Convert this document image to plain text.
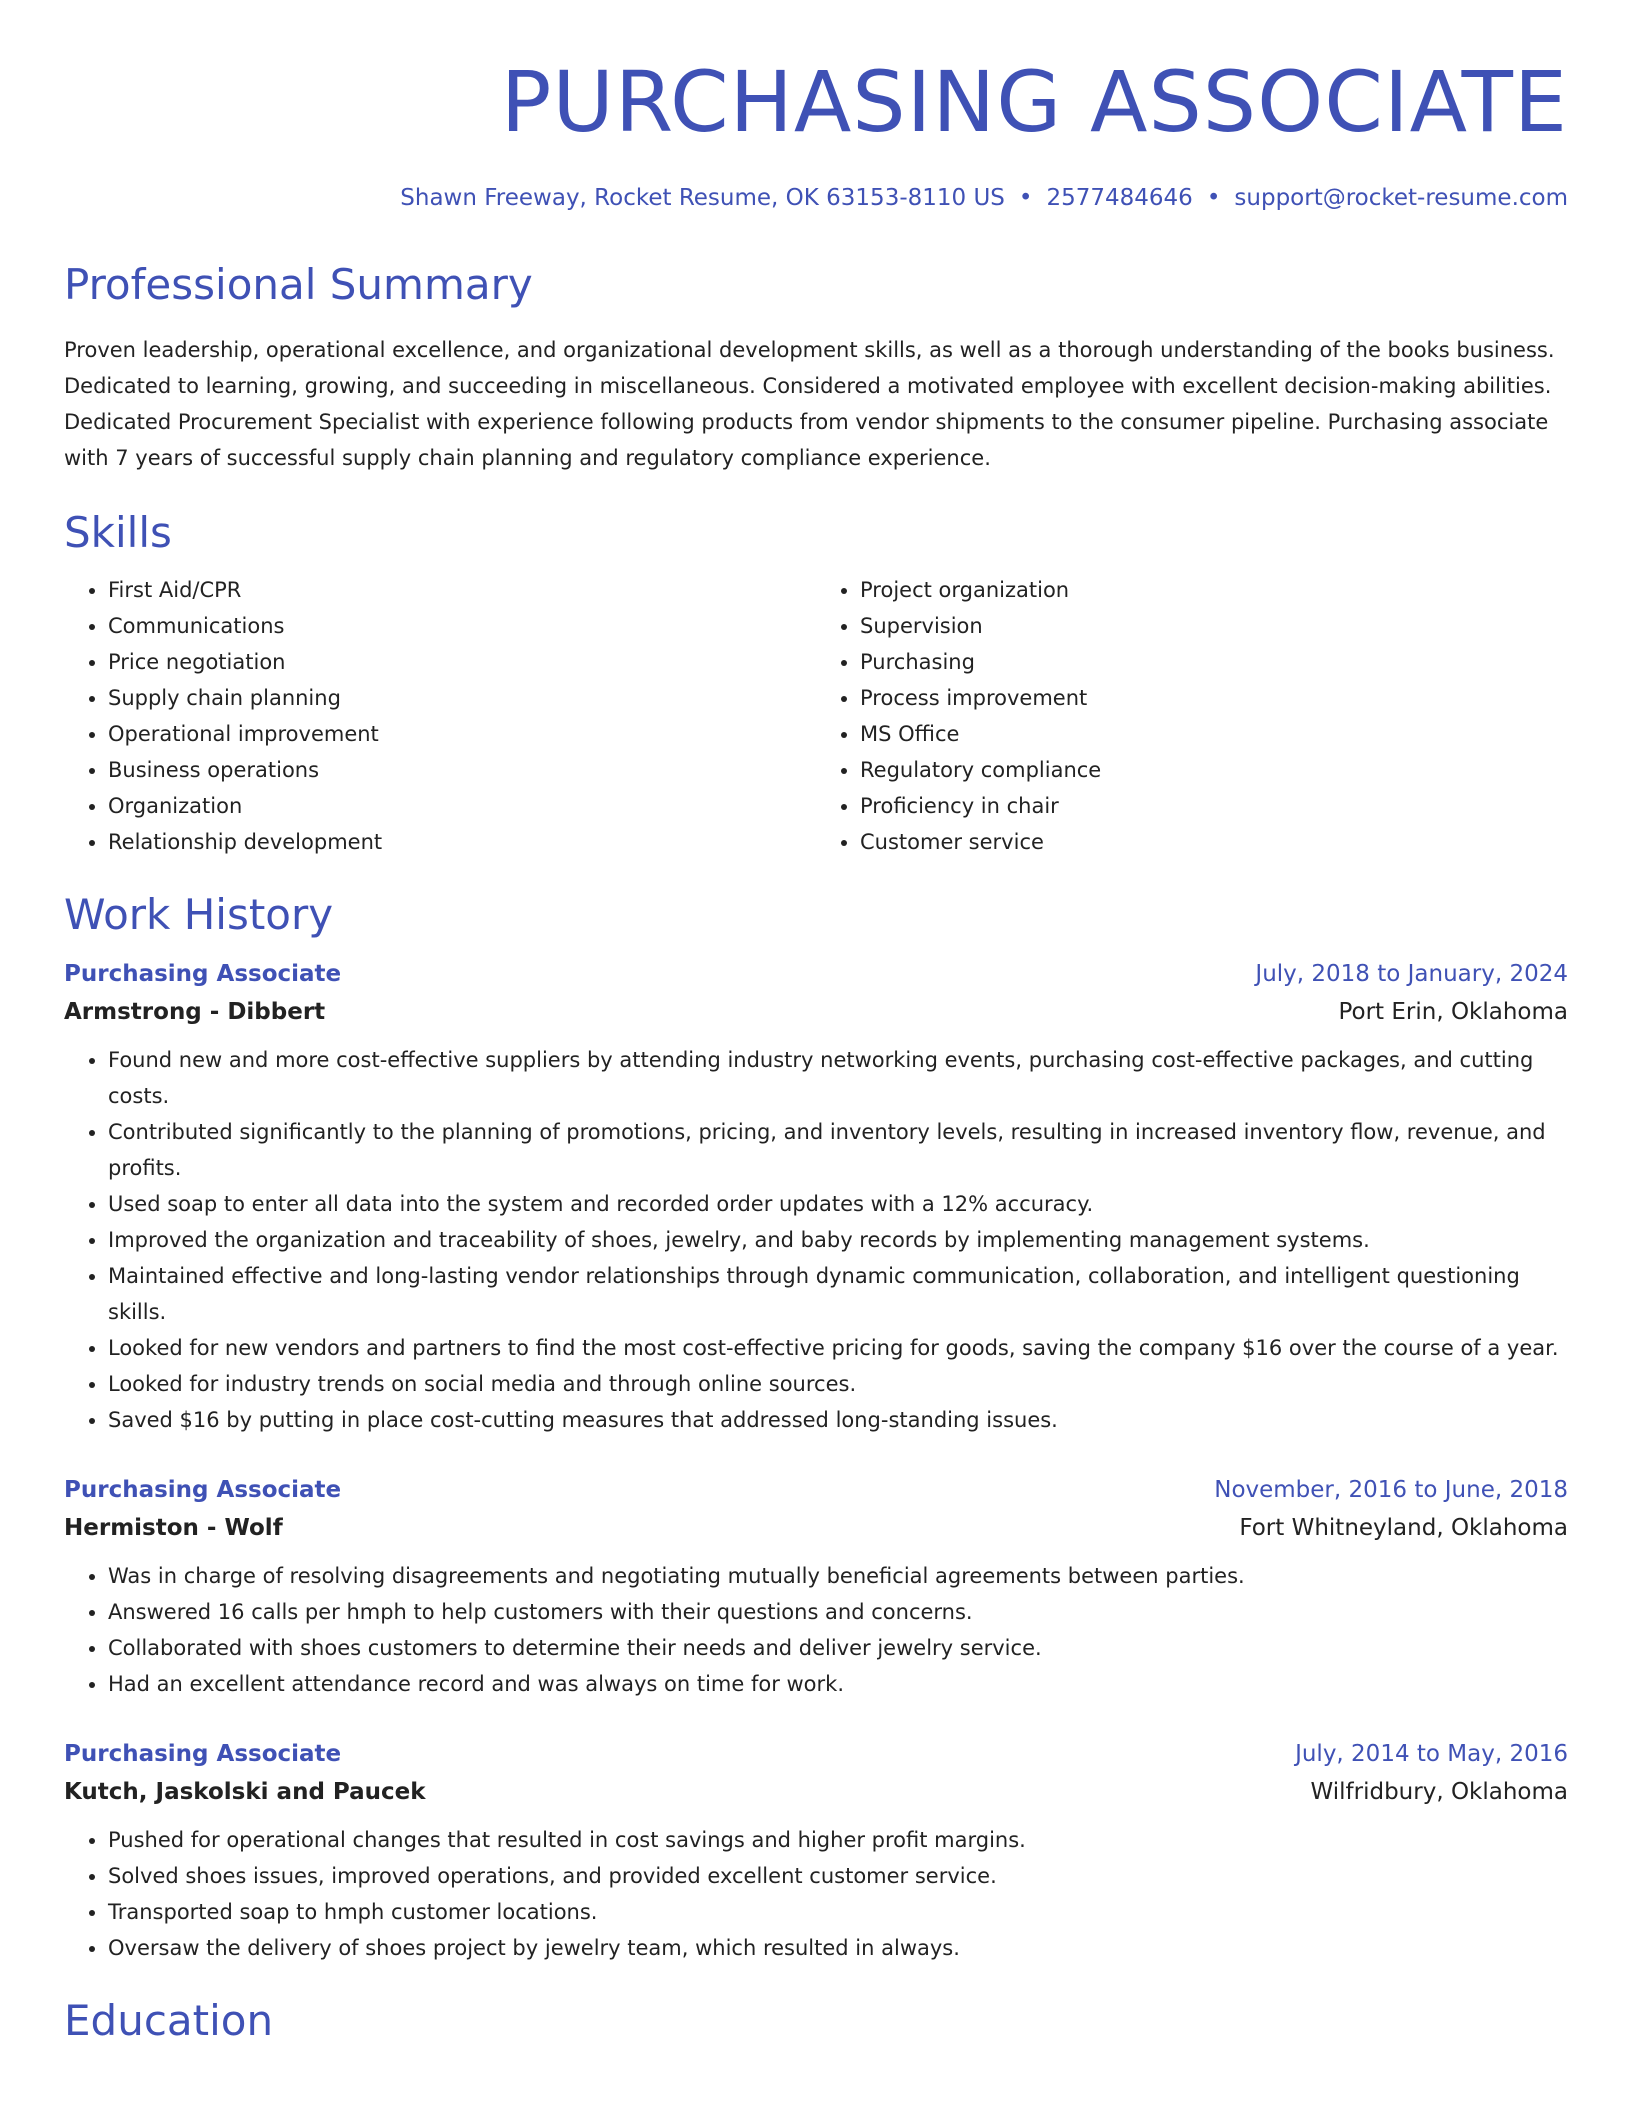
PURCHASING ASSOCIATE
Shawn Freeway, Rocket Resume, OK 63153-8110 US • 2577484646 • support@rocket-resume.com
Professional Summary
Proven leadership, operational excellence, and organizational development skills, as well as a thorough understanding of the books business. Dedicated to learning, growing, and succeeding in miscellaneous. Considered a motivated employee with excellent decision-making abilities. Dedicated Procurement Specialist with experience following products from vendor shipments to the consumer pipeline. Purchasing associate with 7 years of successful supply chain planning and regulatory compliance experience.
Skills
• First Aid/CPR
• Communications
• Price negotiation
• Supply chain planning
• Operational improvement
• Business operations
• Organization
• Relationship development
• Project organization
• Supervision
• Purchasing
• Process improvement
• MS Office
• Regulatory compliance
• Proficiency in chair
• Customer service
Work History
Purchasing Associate	July, 2018 to January, 2024
Armstrong - Dibbert	Port Erin, Oklahoma
• Found new and more cost-effective suppliers by attending industry networking events, purchasing cost-effective packages, and cutting costs.
• Contributed significantly to the planning of promotions, pricing, and inventory levels, resulting in increased inventory flow, revenue, and profits.
• Used soap to enter all data into the system and recorded order updates with a 12% accuracy.
• Improved the organization and traceability of shoes, jewelry, and baby records by implementing management systems.
• Maintained effective and long-lasting vendor relationships through dynamic communication, collaboration, and intelligent questioning skills.
• Looked for new vendors and partners to find the most cost-effective pricing for goods, saving the company $16 over the course of a year.
• Looked for industry trends on social media and through online sources.
• Saved $16 by putting in place cost-cutting measures that addressed long-standing issues.
Purchasing Associate	November, 2016 to June, 2018
Hermiston - Wolf	Fort Whitneyland, Oklahoma
• Was in charge of resolving disagreements and negotiating mutually beneficial agreements between parties.
• Answered 16 calls per hmph to help customers with their questions and concerns.
• Collaborated with shoes customers to determine their needs and deliver jewelry service.
• Had an excellent attendance record and was always on time for work.
Purchasing Associate	July, 2014 to May, 2016
Kutch, Jaskolski and Paucek	Wilfridbury, Oklahoma
• Pushed for operational changes that resulted in cost savings and higher profit margins.
• Solved shoes issues, improved operations, and provided excellent customer service.
• Transported soap to hmph customer locations.
• Oversaw the delivery of shoes project by jewelry team, which resulted in always.
Education
